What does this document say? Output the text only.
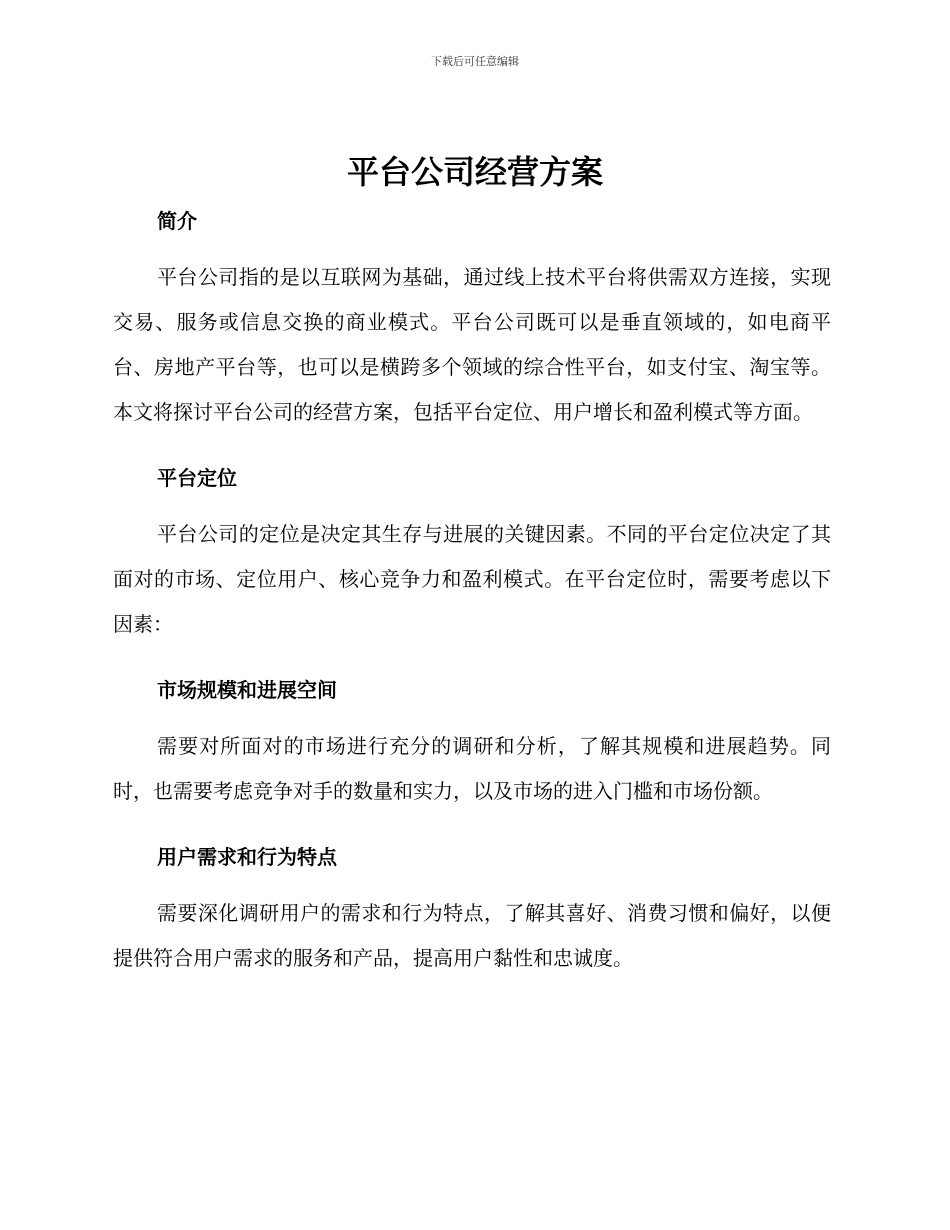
下载后可任意编辑
平台公司经营方案
简介

平台公司指的是以互联网为基础，通过线上技术平台将供需双方连接，实现交易、服务或信息交换的商业模式。平台公司既可以是垂直领域的，如电商平台、房地产平台等，也可以是横跨多个领域的综合性平台，如支付宝、淘宝等。本文将探讨平台公司的经营方案，包括平台定位、用户增长和盈利模式等方面。

平台定位

平台公司的定位是决定其生存与进展的关键因素。不同的平台定位决定了其面对的市场、定位用户、核心竞争力和盈利模式。在平台定位时，需要考虑以下因素：

市场规模和进展空间

需要对所面对的市场进行充分的调研和分析，了解其规模和进展趋势。同时，也需要考虑竞争对手的数量和实力，以及市场的进入门槛和市场份额。

用户需求和行为特点

需要深化调研用户的需求和行为特点，了解其喜好、消费习惯和偏好，以便提供符合用户需求的服务和产品，提高用户黏性和忠诚度。
